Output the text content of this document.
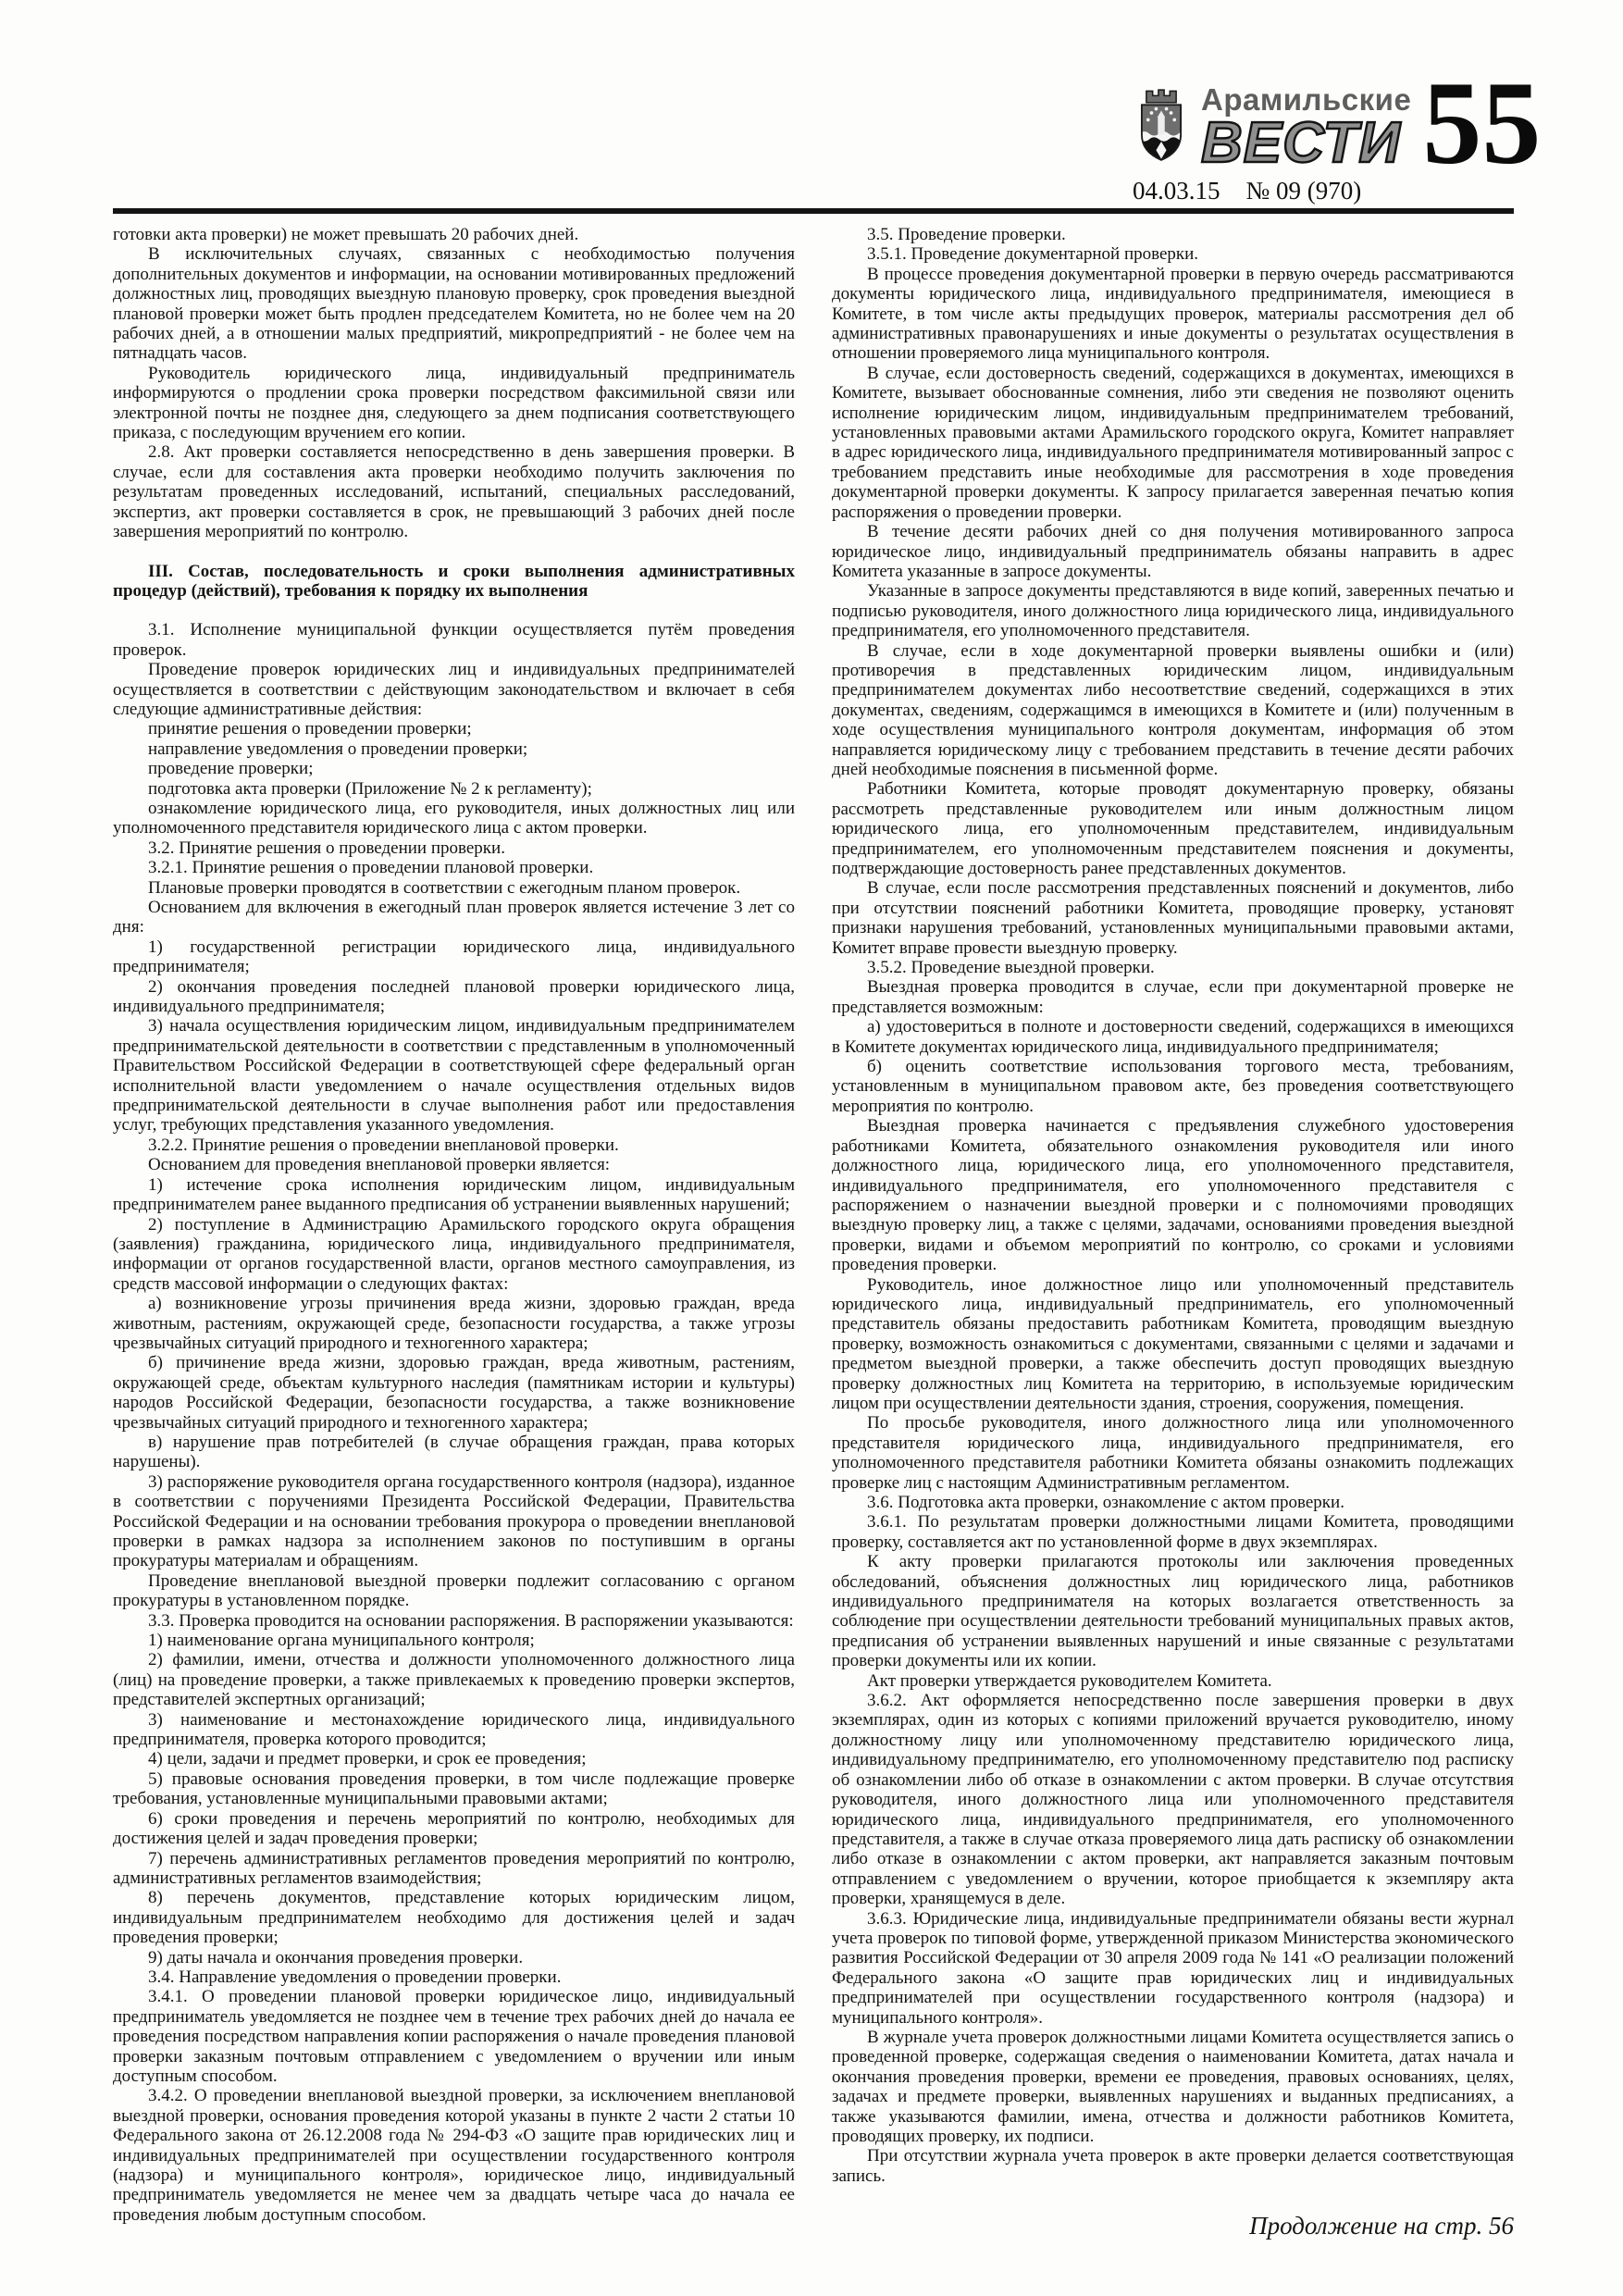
Арамильские
ВЕСТИ 55
04.03.15 № 09 (970)

готовки акта проверки) не может превышать 20 рабочих дней.

В исключительных случаях, связанных с необходимостью получения дополнительных документов и информации, на основании мотивированных предложений должностных лиц, проводящих выездную плановую проверку, срок проведения выездной плановой проверки может быть продлен председателем Комитета, но не более чем на 20 рабочих дней, а в отношении малых предприятий, микропредприятий - не более чем на пятнадцать часов.

Руководитель юридического лица, индивидуальный предприниматель информируются о продлении срока проверки посредством факсимильной связи или электронной почты не позднее дня, следующего за днем подписания соответствующего приказа, с последующим вручением его копии.

2.8. Акт проверки составляется непосредственно в день завершения проверки. В случае, если для составления акта проверки необходимо получить заключения по результатам проведенных исследований, испытаний, специальных расследований, экспертиз, акт проверки составляется в срок, не превышающий 3 рабочих дней после завершения мероприятий по контролю.

III. Состав, последовательность и сроки выполнения административных процедур (действий), требования к порядку их выполнения

3.1. Исполнение муниципальной функции осуществляется путём проведения проверок.

Проведение проверок юридических лиц и индивидуальных предпринимателей осуществляется в соответствии с действующим законодательством и включает в себя следующие административные действия:

принятие решения о проведении проверки;

направление уведомления о проведении проверки;

проведение проверки;

подготовка акта проверки (Приложение № 2 к регламенту);

ознакомление юридического лица, его руководителя, иных должностных лиц или уполномоченного представителя юридического лица с актом проверки.

3.2. Принятие решения о проведении проверки.

3.2.1. Принятие решения о проведении плановой проверки.

Плановые проверки проводятся в соответствии с ежегодным планом проверок.

Основанием для включения в ежегодный план проверок является истечение 3 лет со дня:

1) государственной регистрации юридического лица, индивидуального предпринимателя;

2) окончания проведения последней плановой проверки юридического лица, индивидуального предпринимателя;

3) начала осуществления юридическим лицом, индивидуальным предпринимателем предпринимательской деятельности в соответствии с представленным в уполномоченный Правительством Российской Федерации в соответствующей сфере федеральный орган исполнительной власти уведомлением о начале осуществления отдельных видов предпринимательской деятельности в случае выполнения работ или предоставления услуг, требующих представления указанного уведомления.

3.2.2. Принятие решения о проведении внеплановой проверки.

Основанием для проведения внеплановой проверки является:

1) истечение срока исполнения юридическим лицом, индивидуальным предпринимателем ранее выданного предписания об устранении выявленных нарушений;

2) поступление в Администрацию Арамильского городского округа обращения (заявления) гражданина, юридического лица, индивидуального предпринимателя, информации от органов государственной власти, органов местного самоуправления, из средств массовой информации о следующих фактах:

а) возникновение угрозы причинения вреда жизни, здоровью граждан, вреда животным, растениям, окружающей среде, безопасности государства, а также угрозы чрезвычайных ситуаций природного и техногенного характера;

б) причинение вреда жизни, здоровью граждан, вреда животным, растениям, окружающей среде, объектам культурного наследия (памятникам истории и культуры) народов Российской Федерации, безопасности государства, а также возникновение чрезвычайных ситуаций природного и техногенного характера;

в) нарушение прав потребителей (в случае обращения граждан, права которых нарушены).

3) распоряжение руководителя органа государственного контроля (надзора), изданное в соответствии с поручениями Президента Российской Федерации, Правительства Российской Федерации и на основании требования прокурора о проведении внеплановой проверки в рамках надзора за исполнением законов по поступившим в органы прокуратуры материалам и обращениям.

Проведение внеплановой выездной проверки подлежит согласованию с органом прокуратуры в установленном порядке.

3.3. Проверка проводится на основании распоряжения. В распоряжении указываются:

1) наименование органа муниципального контроля;

2) фамилии, имени, отчества и должности уполномоченного должностного лица (лиц) на проведение проверки, а также привлекаемых к проведению проверки экспертов, представителей экспертных организаций;

3) наименование и местонахождение юридического лица, индивидуального предпринимателя, проверка которого проводится;

4) цели, задачи и предмет проверки, и срок ее проведения;

5) правовые основания проведения проверки, в том числе подлежащие проверке требования, установленные муниципальными правовыми актами;

6) сроки проведения и перечень мероприятий по контролю, необходимых для достижения целей и задач проведения проверки;

7) перечень административных регламентов проведения мероприятий по контролю, административных регламентов взаимодействия;

8) перечень документов, представление которых юридическим лицом, индивидуальным предпринимателем необходимо для достижения целей и задач проведения проверки;

9) даты начала и окончания проведения проверки.

3.4. Направление уведомления о проведении проверки.

3.4.1. О проведении плановой проверки юридическое лицо, индивидуальный предприниматель уведомляется не позднее чем в течение трех рабочих дней до начала ее проведения посредством направления копии распоряжения о начале проведения плановой проверки заказным почтовым отправлением с уведомлением о вручении или иным доступным способом.

3.4.2. О проведении внеплановой выездной проверки, за исключением внеплановой выездной проверки, основания проведения которой указаны в пункте 2 части 2 статьи 10 Федерального закона от 26.12.2008 года № 294-ФЗ «О защите прав юридических лиц и индивидуальных предпринимателей при осуществлении государственного контроля (надзора) и муниципального контроля», юридическое лицо, индивидуальный предприниматель уведомляется не менее чем за двадцать четыре часа до начала ее проведения любым доступным способом.

3.5. Проведение проверки.

3.5.1. Проведение документарной проверки.

В процессе проведения документарной проверки в первую очередь рассматриваются документы юридического лица, индивидуального предпринимателя, имеющиеся в Комитете, в том числе акты предыдущих проверок, материалы рассмотрения дел об административных правонарушениях и иные документы о результатах осуществления в отношении проверяемого лица муниципального контроля.

В случае, если достоверность сведений, содержащихся в документах, имеющихся в Комитете, вызывает обоснованные сомнения, либо эти сведения не позволяют оценить исполнение юридическим лицом, индивидуальным предпринимателем требований, установленных правовыми актами Арамильского городского округа, Комитет направляет в адрес юридического лица, индивидуального предпринимателя мотивированный запрос с требованием представить иные необходимые для рассмотрения в ходе проведения документарной проверки документы. К запросу прилагается заверенная печатью копия распоряжения о проведении проверки.

В течение десяти рабочих дней со дня получения мотивированного запроса юридическое лицо, индивидуальный предприниматель обязаны направить в адрес Комитета указанные в запросе документы.

Указанные в запросе документы представляются в виде копий, заверенных печатью и подписью руководителя, иного должностного лица юридического лица, индивидуального предпринимателя, его уполномоченного представителя.

В случае, если в ходе документарной проверки выявлены ошибки и (или) противоречия в представленных юридическим лицом, индивидуальным предпринимателем документах либо несоответствие сведений, содержащихся в этих документах, сведениям, содержащимся в имеющихся в Комитете и (или) полученным в ходе осуществления муниципального контроля документам, информация об этом направляется юридическому лицу с требованием представить в течение десяти рабочих дней необходимые пояснения в письменной форме.

Работники Комитета, которые проводят документарную проверку, обязаны рассмотреть представленные руководителем или иным должностным лицом юридического лица, его уполномоченным представителем, индивидуальным предпринимателем, его уполномоченным представителем пояснения и документы, подтверждающие достоверность ранее представленных документов.

В случае, если после рассмотрения представленных пояснений и документов, либо при отсутствии пояснений работники Комитета, проводящие проверку, установят признаки нарушения требований, установленных муниципальными правовыми актами, Комитет вправе провести выездную проверку.

3.5.2. Проведение выездной проверки.

Выездная проверка проводится в случае, если при документарной проверке не представляется возможным:

а) удостовериться в полноте и достоверности сведений, содержащихся в имеющихся в Комитете документах юридического лица, индивидуального предпринимателя;

б) оценить соответствие использования торгового места, требованиям, установленным в муниципальном правовом акте, без проведения соответствующего мероприятия по контролю.

Выездная проверка начинается с предъявления служебного удостоверения работниками Комитета, обязательного ознакомления руководителя или иного должностного лица, юридического лица, его уполномоченного представителя, индивидуального предпринимателя, его уполномоченного представителя с распоряжением о назначении выездной проверки и с полномочиями проводящих выездную проверку лиц, а также с целями, задачами, основаниями проведения выездной проверки, видами и объемом мероприятий по контролю, со сроками и условиями проведения проверки.

Руководитель, иное должностное лицо или уполномоченный представитель юридического лица, индивидуальный предприниматель, его уполномоченный представитель обязаны предоставить работникам Комитета, проводящим выездную проверку, возможность ознакомиться с документами, связанными с целями и задачами и предметом выездной проверки, а также обеспечить доступ проводящих выездную проверку должностных лиц Комитета на территорию, в используемые юридическим лицом при осуществлении деятельности здания, строения, сооружения, помещения.

По просьбе руководителя, иного должностного лица или уполномоченного представителя юридического лица, индивидуального предпринимателя, его уполномоченного представителя работники Комитета обязаны ознакомить подлежащих проверке лиц с настоящим Административным регламентом.

3.6. Подготовка акта проверки, ознакомление с актом проверки.

3.6.1. По результатам проверки должностными лицами Комитета, проводящими проверку, составляется акт по установленной форме в двух экземплярах.

К акту проверки прилагаются протоколы или заключения проведенных обследований, объяснения должностных лиц юридического лица, работников индивидуального предпринимателя на которых возлагается ответственность за соблюдение при осуществлении деятельности требований муниципальных правых актов, предписания об устранении выявленных нарушений и иные связанные с результатами проверки документы или их копии.

Акт проверки утверждается руководителем Комитета.

3.6.2. Акт оформляется непосредственно после завершения проверки в двух экземплярах, один из которых с копиями приложений вручается руководителю, иному должностному лицу или уполномоченному представителю юридического лица, индивидуальному предпринимателю, его уполномоченному представителю под расписку об ознакомлении либо об отказе в ознакомлении с актом проверки. В случае отсутствия руководителя, иного должностного лица или уполномоченного представителя юридического лица, индивидуального предпринимателя, его уполномоченного представителя, а также в случае отказа проверяемого лица дать расписку об ознакомлении либо отказе в ознакомлении с актом проверки, акт направляется заказным почтовым отправлением с уведомлением о вручении, которое приобщается к экземпляру акта проверки, хранящемуся в деле.

3.6.3. Юридические лица, индивидуальные предприниматели обязаны вести журнал учета проверок по типовой форме, утвержденной приказом Министерства экономического развития Российской Федерации от 30 апреля 2009 года № 141 «О реализации положений Федерального закона «О защите прав юридических лиц и индивидуальных предпринимателей при осуществлении государственного контроля (надзора) и муниципального контроля».

В журнале учета проверок должностными лицами Комитета осуществляется запись о проведенной проверке, содержащая сведения о наименовании Комитета, датах начала и окончания проведения проверки, времени ее проведения, правовых основаниях, целях, задачах и предмете проверки, выявленных нарушениях и выданных предписаниях, а также указываются фамилии, имена, отчества и должности работников Комитета, проводящих проверку, их подписи.

При отсутствии журнала учета проверок в акте проверки делается соответствующая запись.

Продолжение на стр. 56
